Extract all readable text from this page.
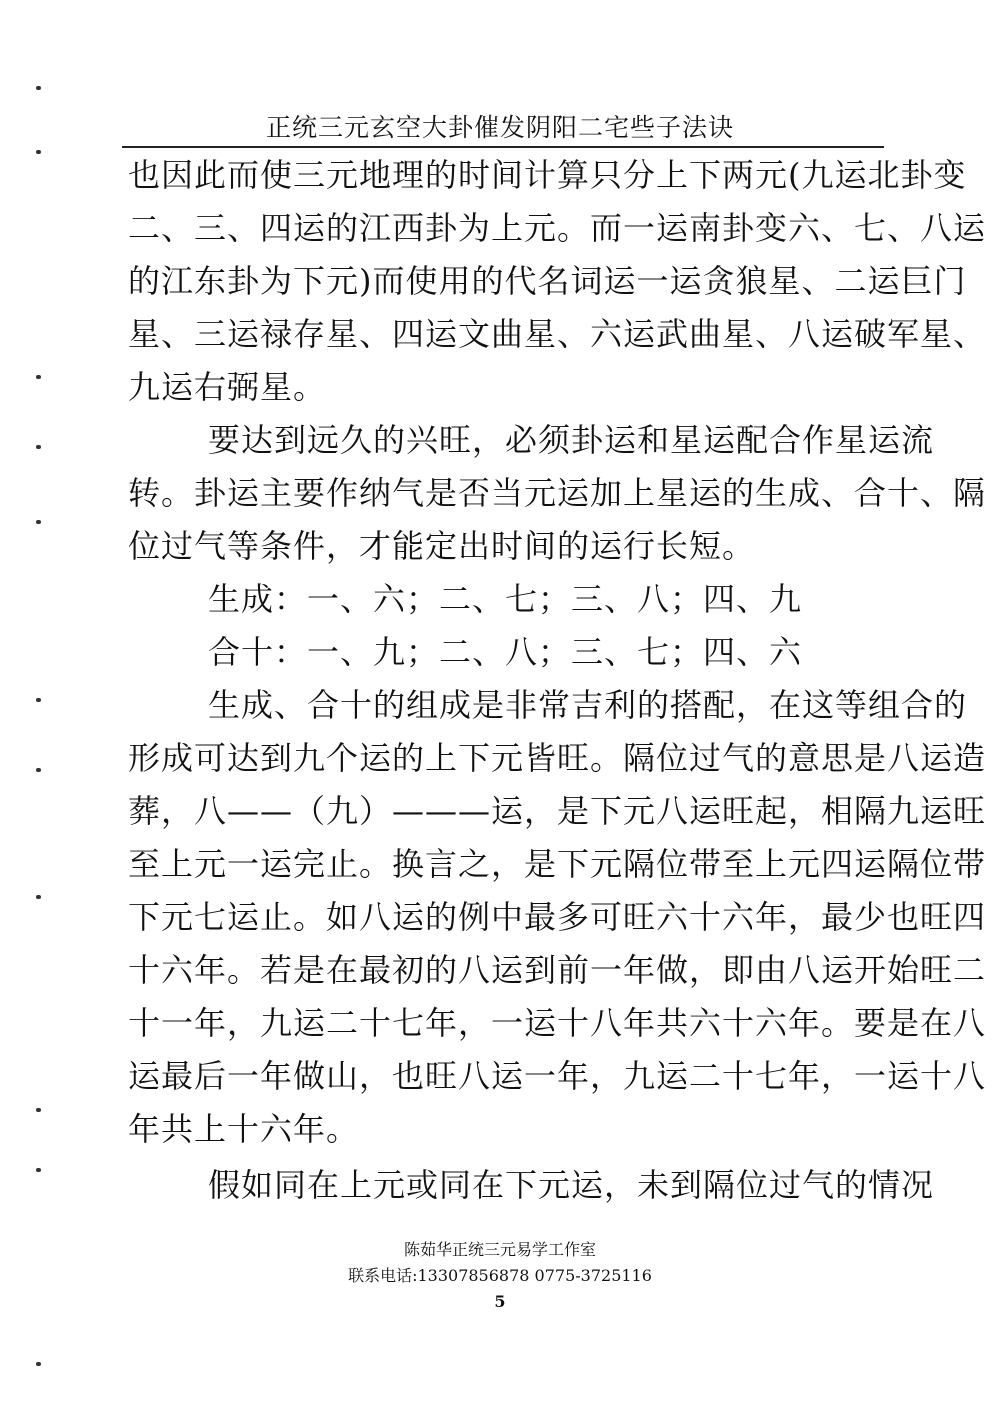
正统三元玄空大卦催发阴阳二宅些子法诀
也因此而使三元地理的时间计算只分上下两元(九运北卦变
二、三、四运的江西卦为上元。而一运南卦变六、七、八运
的江东卦为下元)而使用的代名词运一运贪狼星、二运巨门
星、三运禄存星、四运文曲星、六运武曲星、八运破军星、
九运右弼星。
要达到远久的兴旺，必须卦运和星运配合作星运流
转。卦运主要作纳气是否当元运加上星运的生成、合十、隔
位过气等条件，才能定出时间的运行长短。
生成：一、六；二、七；三、八；四、九
合十：一、九；二、八；三、七；四、六
生成、合十的组成是非常吉利的搭配，在这等组合的
形成可达到九个运的上下元皆旺。隔位过气的意思是八运造
葬，八——（九）———运，是下元八运旺起，相隔九运旺
至上元一运完止。换言之，是下元隔位带至上元四运隔位带
下元七运止。如八运的例中最多可旺六十六年，最少也旺四
十六年。若是在最初的八运到前一年做，即由八运开始旺二
十一年，九运二十七年，一运十八年共六十六年。要是在八
运最后一年做山，也旺八运一年，九运二十七年，一运十八
年共上十六年。
假如同在上元或同在下元运，未到隔位过气的情况
陈茹华正统三元易学工作室
联系电话:13307856878 0775-3725116
5
